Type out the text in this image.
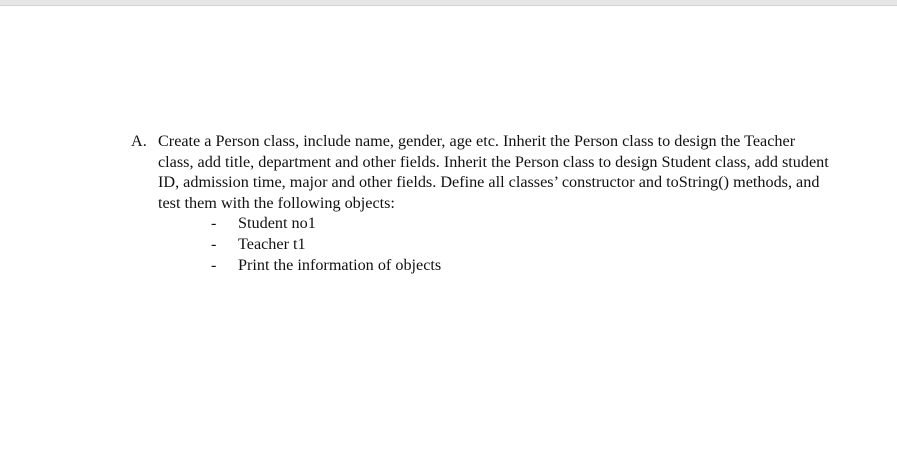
A. Create a Person class, include name, gender, age etc. Inherit the Person class to design the Teacher class, add title, department and other fields. Inherit the Person class to design Student class, add student ID, admission time, major and other fields. Define all classes’ constructor and toString() methods, and test them with the following objects:
- Student no1
- Teacher t1
- Print the information of objects
